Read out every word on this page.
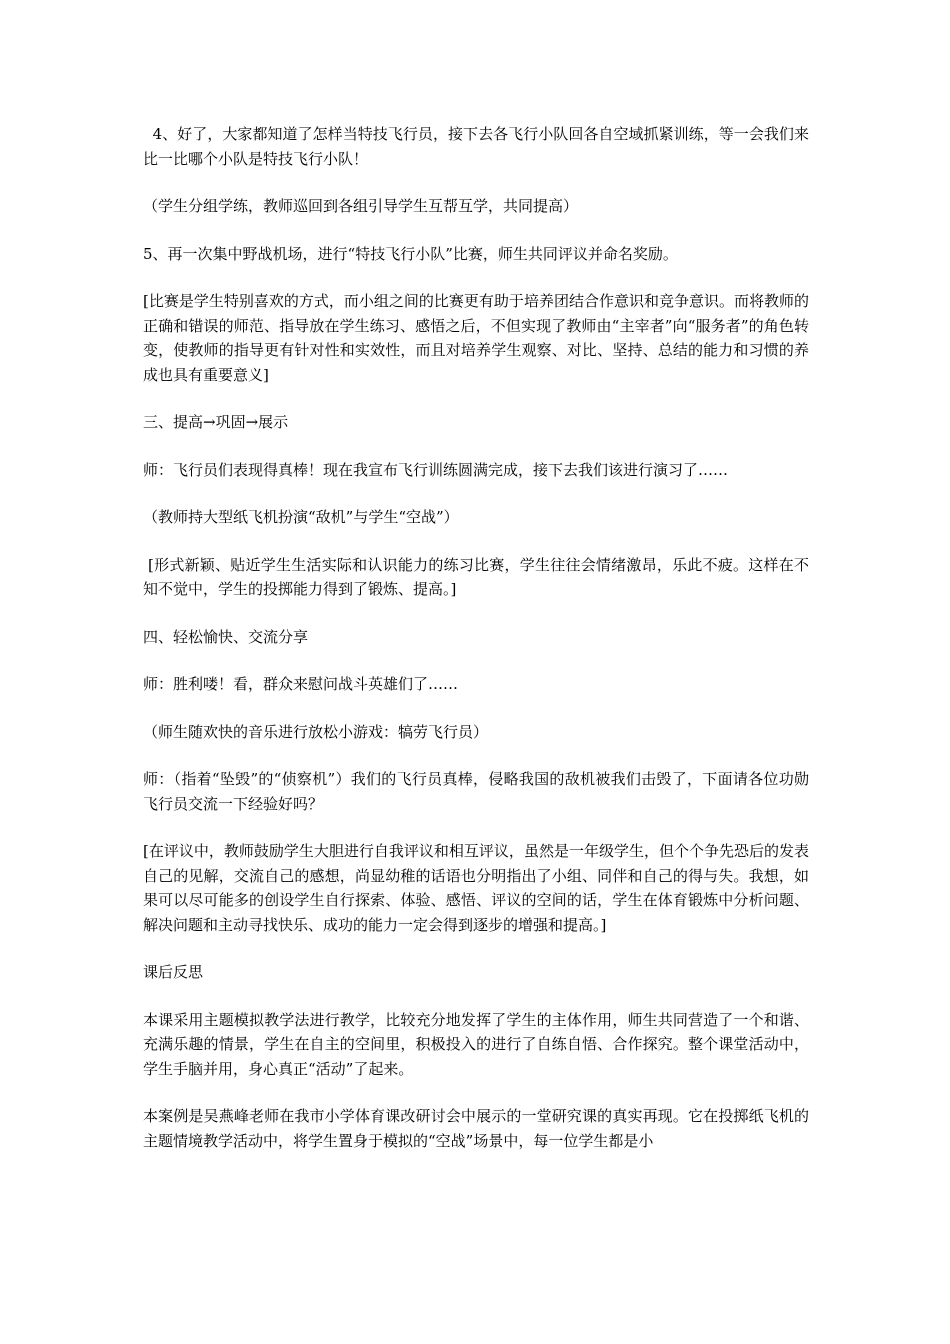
4、好了，大家都知道了怎样当特技飞行员，接下去各飞行小队回各自空域抓紧训练，等一会我们来比一比哪个小队是特技飞行小队！

（学生分组学练，教师巡回到各组引导学生互帮互学，共同提高）

5、再一次集中野战机场，进行“特技飞行小队”比赛，师生共同评议并命名奖励。

[比赛是学生特别喜欢的方式，而小组之间的比赛更有助于培养团结合作意识和竞争意识。而将教师的正确和错误的师范、指导放在学生练习、感悟之后，不但实现了教师由“主宰者”向“服务者”的角色转变，使教师的指导更有针对性和实效性，而且对培养学生观察、对比、坚持、总结的能力和习惯的养成也具有重要意义]

三、提高→巩固→展示

师：飞行员们表现得真棒！现在我宣布飞行训练圆满完成，接下去我们该进行演习了……

（教师持大型纸飞机扮演“敌机”与学生“空战”）

[形式新颖、贴近学生生活实际和认识能力的练习比赛，学生往往会情绪激昂，乐此不疲。这样在不知不觉中，学生的投掷能力得到了锻炼、提高。]

四、轻松愉快、交流分享

师：胜利喽！看，群众来慰问战斗英雄们了……

（师生随欢快的音乐进行放松小游戏：犒劳飞行员）

师：（指着“坠毁”的“侦察机”）我们的飞行员真棒，侵略我国的敌机被我们击毁了，下面请各位功勋飞行员交流一下经验好吗？

[在评议中，教师鼓励学生大胆进行自我评议和相互评议，虽然是一年级学生，但个个争先恐后的发表自己的见解，交流自己的感想，尚显幼稚的话语也分明指出了小组、同伴和自己的得与失。我想，如果可以尽可能多的创设学生自行探索、体验、感悟、评议的空间的话，学生在体育锻炼中分析问题、解决问题和主动寻找快乐、成功的能力一定会得到逐步的增强和提高。]

课后反思

本课采用主题模拟教学法进行教学，比较充分地发挥了学生的主体作用，师生共同营造了一个和谐、充满乐趣的情景，学生在自主的空间里，积极投入的进行了自练自悟、合作探究。整个课堂活动中，学生手脑并用，身心真正“活动”了起来。

本案例是吴燕峰老师在我市小学体育课改研讨会中展示的一堂研究课的真实再现。它在投掷纸飞机的主题情境教学活动中，将学生置身于模拟的“空战”场景中，每一位学生都是小
